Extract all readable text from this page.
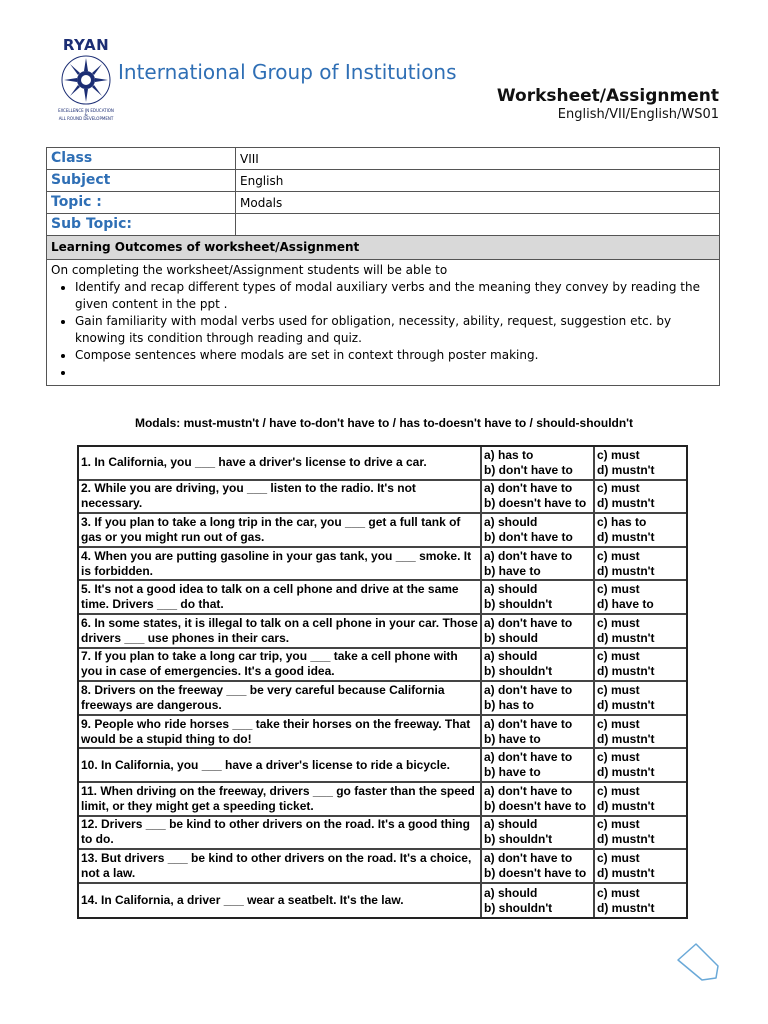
RYAN
EXCELLENCE IN EDUCATION
&
ALL ROUND DEVELOPMENT
International Group of Institutions
Worksheet/Assignment
English/VII/English/WS01
Class	VIII
Subject	English
Topic :	Modals
Sub Topic:
Learning Outcomes of worksheet/Assignment
On completing the worksheet/Assignment students will be able to
• Identify and recap different types of modal auxiliary verbs and the meaning they convey by reading the given content in the ppt .
• Gain familiarity with modal verbs used for obligation, necessity, ability, request, suggestion etc. by knowing its condition through reading and quiz.
• Compose sentences where modals are set in context through poster making.
•
Modals: must-mustn't / have to-don't have to / has to-doesn't have to / should-shouldn't
1. In California, you ___ have a driver's license to drive a car.
a) has to
b) don't have to
c) must
d) mustn't
2. While you are driving, you ___ listen to the radio. It's not necessary.
a) don't have to
b) doesn't have to
c) must
d) mustn't
3. If you plan to take a long trip in the car, you ___ get a full tank of gas or you might run out of gas.
a) should
b) don't have to
c) has to
d) mustn't
4. When you are putting gasoline in your gas tank, you ___ smoke. It is forbidden.
a) don't have to
b) have to
c) must
d) mustn't
5. It's not a good idea to talk on a cell phone and drive at the same time. Drivers ___ do that.
a) should
b) shouldn't
c) must
d) have to
6. In some states, it is illegal to talk on a cell phone in your car. Those drivers ___ use phones in their cars.
a) don't have to
b) should
c) must
d) mustn't
7. If you plan to take a long car trip, you ___ take a cell phone with you in case of emergencies. It's a good idea.
a) should
b) shouldn't
c) must
d) mustn't
8. Drivers on the freeway ___ be very careful because California freeways are dangerous.
a) don't have to
b) has to
c) must
d) mustn't
9. People who ride horses ___ take their horses on the freeway. That would be a stupid thing to do!
a) don't have to
b) have to
c) must
d) mustn't
10. In California, you ___ have a driver's license to ride a bicycle.
a) don't have to
b) have to
c) must
d) mustn't
11. When driving on the freeway, drivers ___ go faster than the speed limit, or they might get a speeding ticket.
a) don't have to
b) doesn't have to
c) must
d) mustn't
12. Drivers ___ be kind to other drivers on the road. It's a good thing to do.
a) should
b) shouldn't
c) must
d) mustn't
13. But drivers ___ be kind to other drivers on the road. It's a choice, not a law.
a) don't have to
b) doesn't have to
c) must
d) mustn't
14. In California, a driver ___ wear a seatbelt. It's the law.
a) should
b) shouldn't
c) must
d) mustn't
